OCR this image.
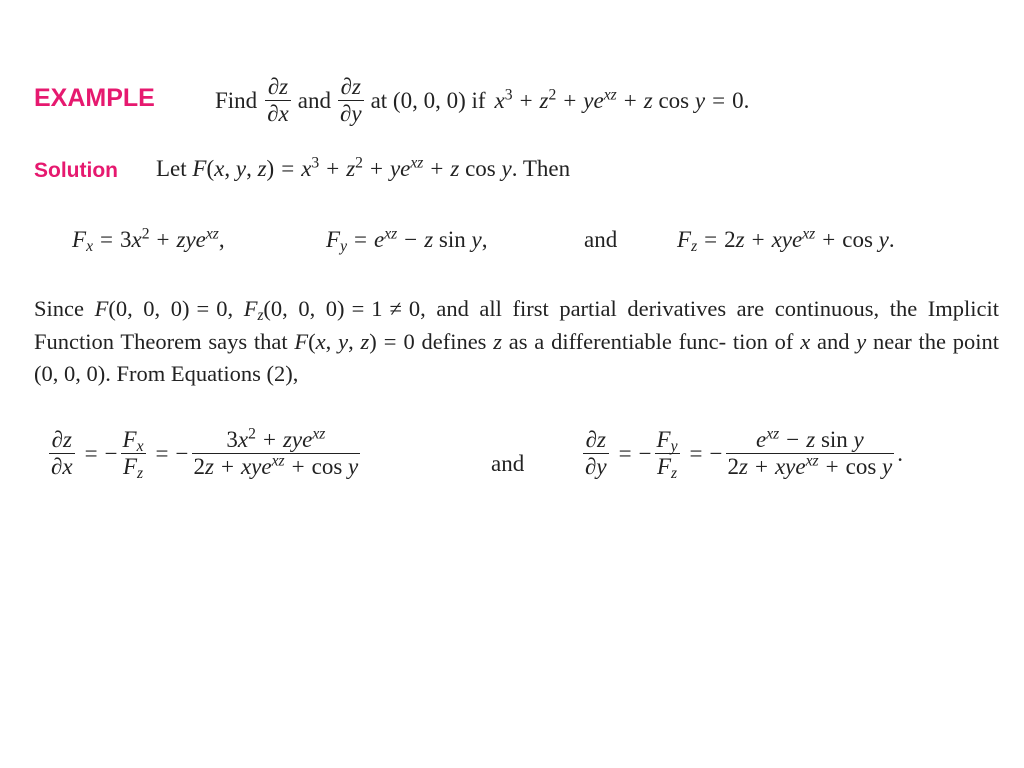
EXAMPLE	Find $\frac{\partial z}{\partial x}$ and $\frac{\partial z}{\partial y}$ at (0, 0, 0) if $x^3 + z^2 + ye^{xz} + z$ cos y = 0.
Solution Let F(x, y, $z) = x^3 + z^2 + ye^{xz} + z$ cos y. Then
$F_x = 3x^2 + zye^{xz}$,	$F_y = e^{xz} - z$ sin y,	and	$F_z = 2z + xye^{xz} + \cos y$.
Since F(0, 0, 0) = 0, $F_z(0$, 0, 0) = 1 ≠ 0, and all first partial derivatives are continuous, the Implicit Function Theorem says that F(x, y, z) = 0 defines z as a differentiable func- tion of x and y near the point (0, 0, 0). From Equations (2),
$\frac{\partial z}{\partial x}$ = − $\frac{F_x}{F_z}$ = − $\frac{3x^2 + zye^{xz}}{2z + xye^{xz} + \cos y}$	and	$\frac{\partial z}{\partial y}$ = − $\frac{F_y}{F_z}$ = − $\frac{e^{xz} - z \sin y}{2z + xye^{xz} + \cos y}$ .
